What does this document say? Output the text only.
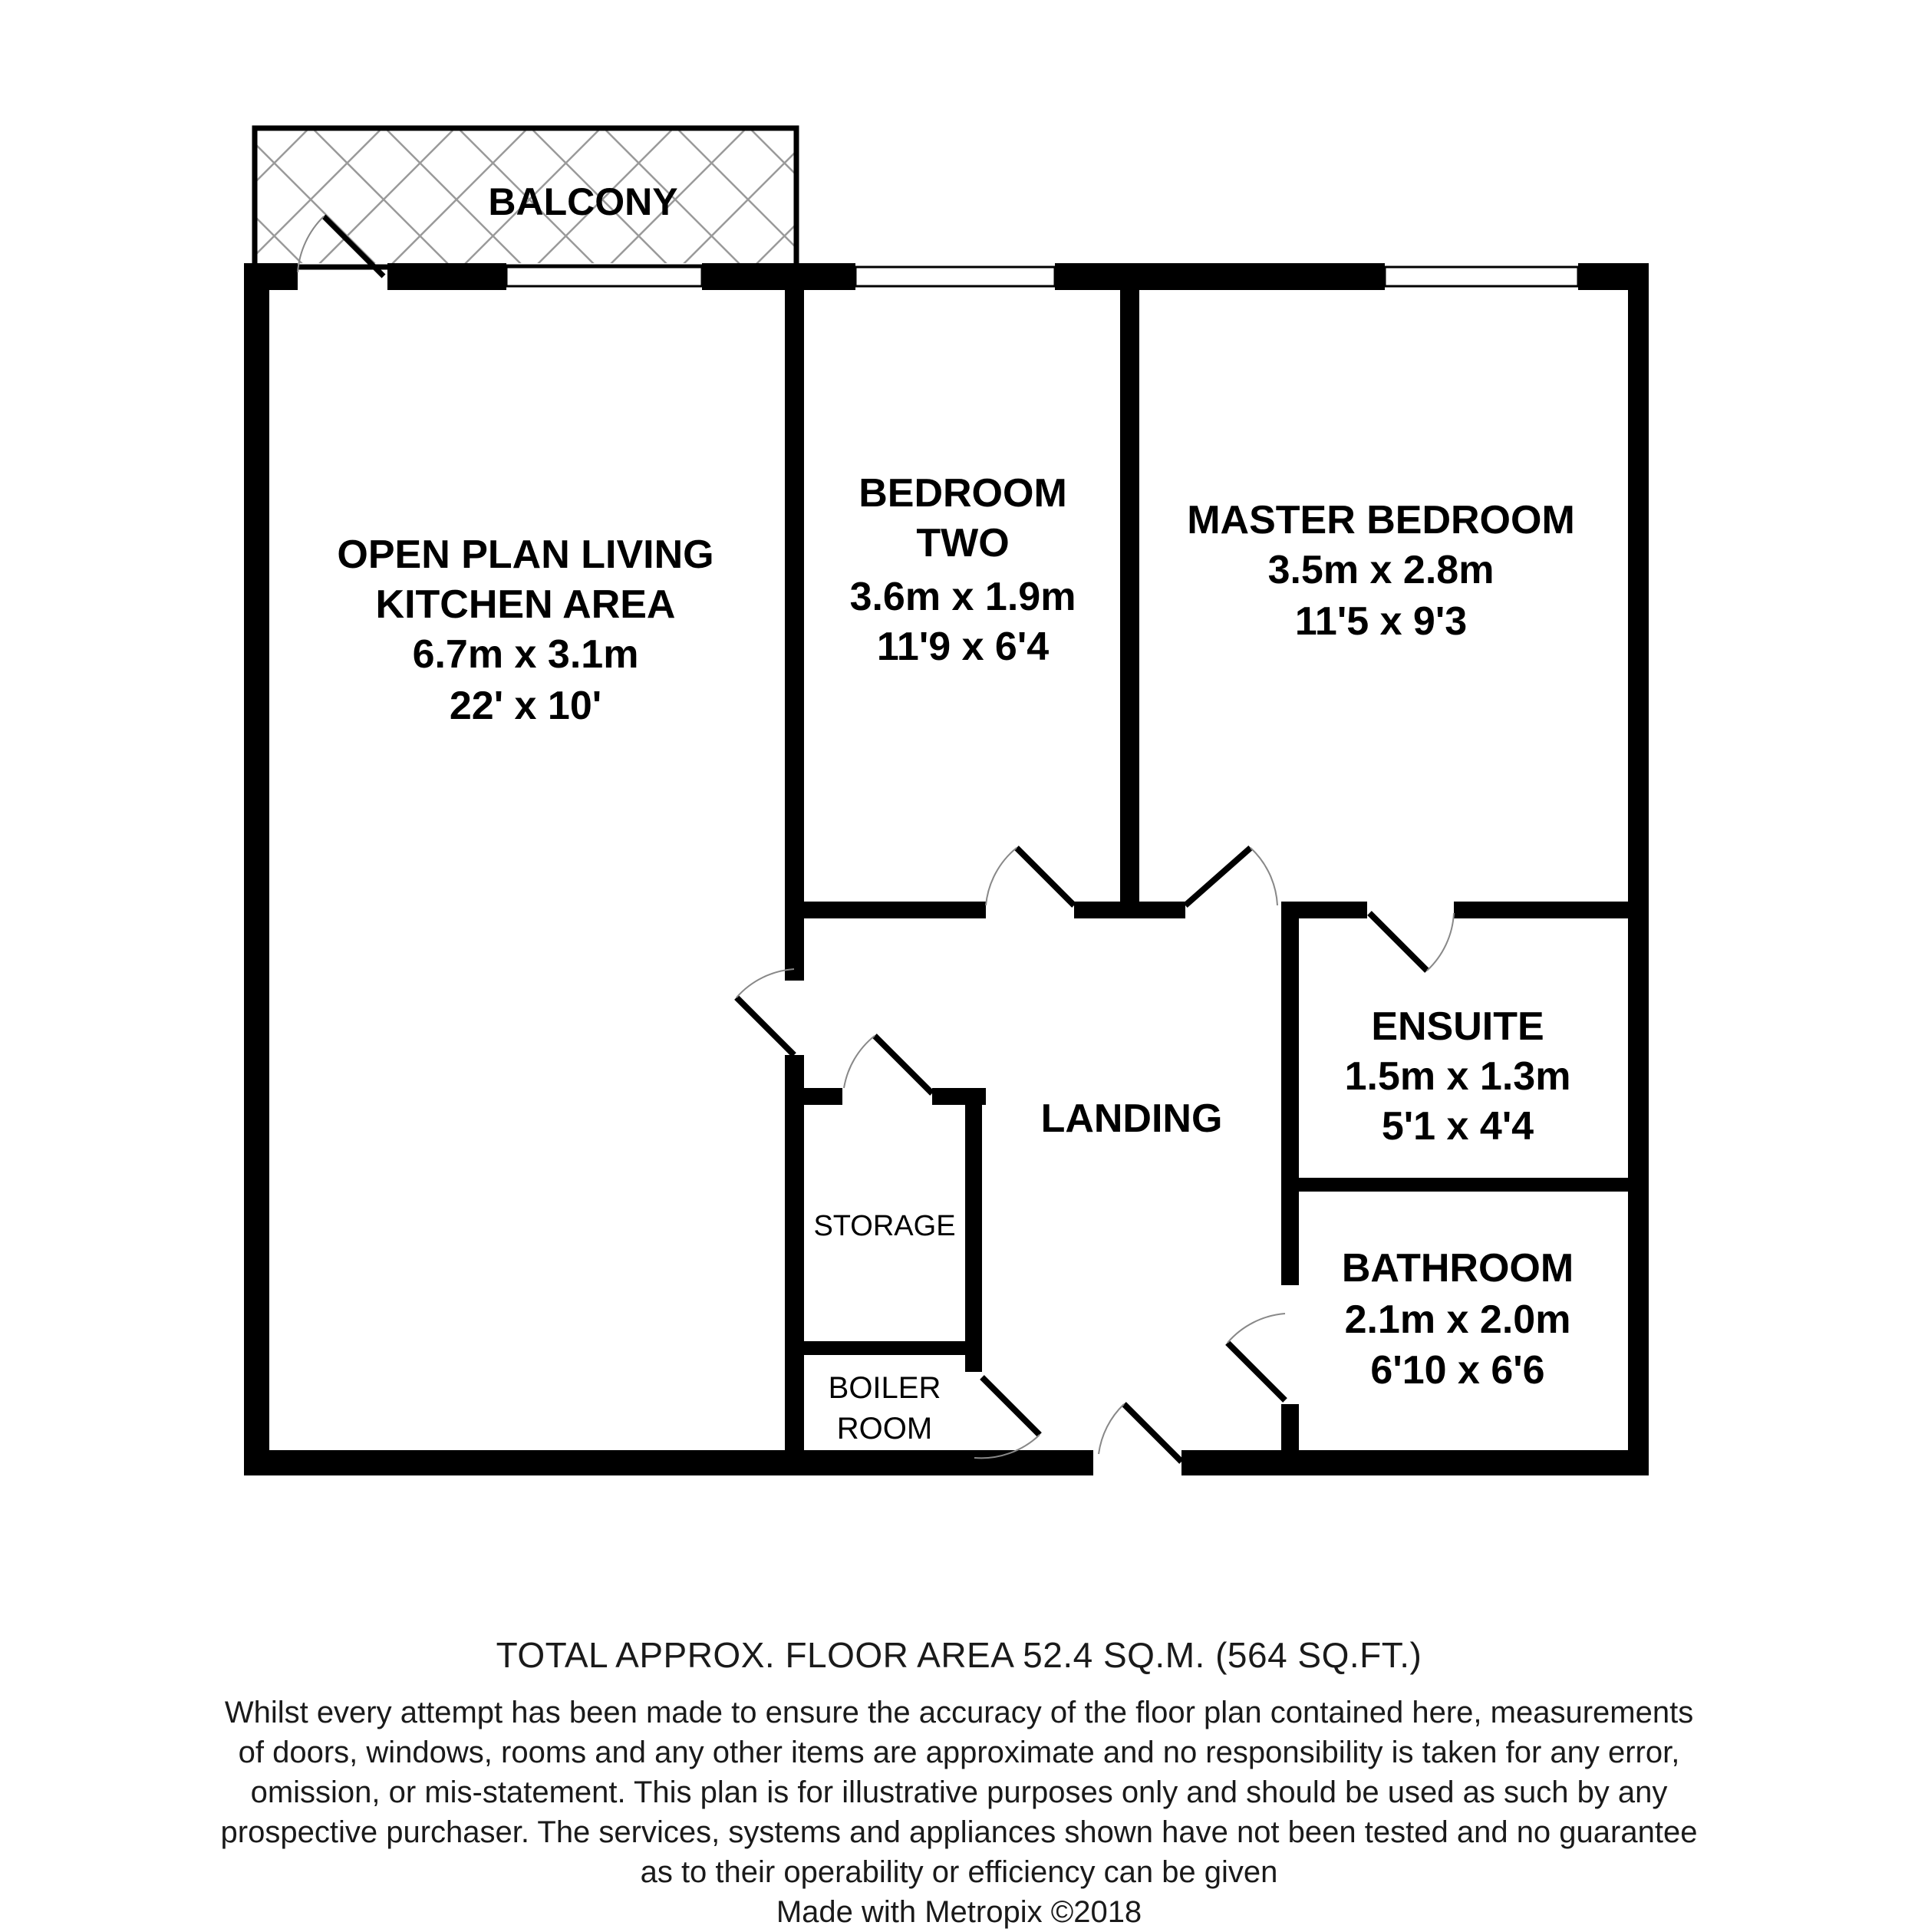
BALCONY
OPEN PLAN LIVING
KITCHEN AREA
6.7m x 3.1m
22' x 10'
BEDROOM
TWO
3.6m x 1.9m
11'9 x 6'4
MASTER BEDROOM
3.5m x 2.8m
11'5 x 9'3
ENSUITE
1.5m x 1.3m
5'1 x 4'4
LANDING
STORAGE
BOILER
ROOM
BATHROOM
2.1m x 2.0m
6'10 x 6'6
TOTAL APPROX. FLOOR AREA 52.4 SQ.M. (564 SQ.FT.)
Whilst every attempt has been made to ensure the accuracy of the floor plan contained here, measurements
of doors, windows, rooms and any other items are approximate and no responsibility is taken for any error,
omission, or mis-statement. This plan is for illustrative purposes only and should be used as such by any
prospective purchaser. The services, systems and appliances shown have not been tested and no guarantee
as to their operability or efficiency can be given
Made with Metropix ©2018
